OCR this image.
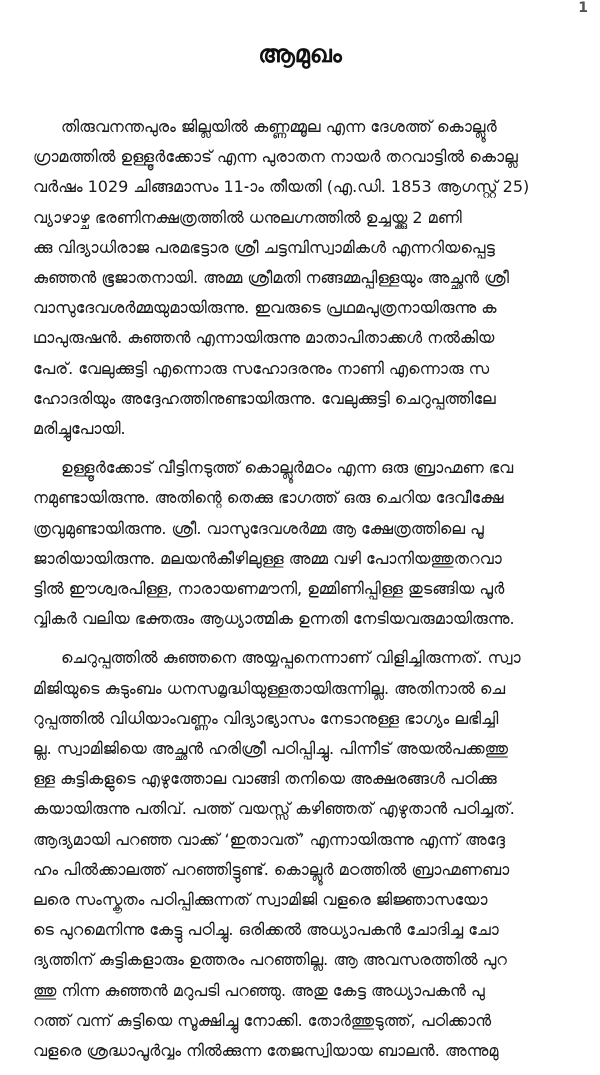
1
ആമുഖം

തിരുവനന്തപുരം ജില്ലയിൽ കണ്ണമ്മൂല എന്ന ദേശത്ത് കൊല്ലൂർ
ഗ്രാമത്തിൽ ഉള്ളൂർക്കോട് എന്ന പുരാതന നായർ തറവാട്ടിൽ കൊല്ല
വർഷം 1029 ചിങ്ങമാസം 11-ാം തീയതി (എ.ഡി. 1853 ആഗസ്റ്റ് 25)
വ്യാഴാഴ്ച ഭരണിനക്ഷത്രത്തിൽ ധനുലഗ്നത്തിൽ ഉച്ചയ്ക്കു 2 മണി
ക്കു വിദ്യാധിരാജ പരമഭട്ടാര ശ്രീ ചട്ടമ്പിസ്വാമികൾ എന്നറിയപ്പെട്ട
കുഞ്ഞൻ ഭൂജാതനായി. അമ്മ ശ്രീമതി നങ്ങമ്മപ്പിള്ളയും അച്ഛൻ ശ്രീ
വാസുദേവശർമ്മയുമായിരുന്നു. ഇവരുടെ പ്രഥമപുത്രനായിരുന്നു ക
ഥാപുരുഷൻ. കുഞ്ഞൻ എന്നായിരുന്നു മാതാപിതാക്കൾ നൽകിയ
പേര്. വേലുക്കുട്ടി എന്നൊരു സഹോദരനും നാണി എന്നൊരു സ
ഹോദരിയും അദ്ദേഹത്തിനുണ്ടായിരുന്നു. വേലുക്കുട്ടി ചെറുപ്പത്തിലേ
മരിച്ചുപോയി.

ഉള്ളൂർക്കോട് വീട്ടിനടുത്ത് കൊല്ലൂർമഠം എന്ന ഒരു ബ്രാഹ്മണ ഭവ
നമുണ്ടായിരുന്നു. അതിന്റെ തെക്കു ഭാഗത്ത് ഒരു ചെറിയ ദേവീക്ഷേ
ത്രവുമുണ്ടായിരുന്നു. ശ്രീ. വാസുദേവശർമ്മ ആ ക്ഷേത്രത്തിലെ പൂ
ജാരിയായിരുന്നു. മലയൻകീഴിലുള്ള അമ്മ വഴി പോനിയത്തുതറവാ
ട്ടിൽ ഈശ്വരപിള്ള, നാരായണമൗനി, ഉമ്മിണിപ്പിള്ള തുടങ്ങിയ പൂർ
വ്വികർ വലിയ ഭക്തരും ആധ്യാത്മിക ഉന്നതി നേടിയവരുമായിരുന്നു.

ചെറുപ്പത്തിൽ കുഞ്ഞനെ അയ്യപ്പനെന്നാണ് വിളിച്ചിരുന്നത്. സ്വാ
മിജിയുടെ കുടുംബം ധനസമൃദ്ധിയുള്ളതായിരുന്നില്ല. അതിനാൽ ചെ
റുപ്പത്തിൽ വിധിയാംവണ്ണം വിദ്യാഭ്യാസം നേടാനുള്ള ഭാഗ്യം ലഭിച്ചി
ല്ല. സ്വാമിജിയെ അച്ഛൻ ഹരിശ്രീ പഠിപ്പിച്ചു. പിന്നീട് അയൽപക്കത്തു
ള്ള കുട്ടികളുടെ എഴുത്തോല വാങ്ങി തനിയെ അക്ഷരങ്ങൾ പഠിക്കു
കയായിരുന്നു പതിവ്. പത്ത് വയസ്സ് കഴിഞ്ഞത് എഴുതാൻ പഠിച്ചത്.
ആദ്യമായി പറഞ്ഞ വാക്ക് ‘ഇതാവത്’ എന്നായിരുന്നു എന്ന് അദ്ദേ
ഹം പിൽക്കാലത്ത് പറഞ്ഞിട്ടുണ്ട്. കൊല്ലൂർ മഠത്തിൽ ബ്രാഹ്മണബാ
ലരെ സംസ്കൃതം പഠിപ്പിക്കുന്നത് സ്വാമിജി വളരെ ജിജ്ഞാസയോ
ടെ പുറമെനിന്നു കേട്ടു പഠിച്ചു. ഒരിക്കൽ അധ്യാപകൻ ചോദിച്ച ചോ
ദ്യത്തിന് കുട്ടികളാരും ഉത്തരം പറഞ്ഞില്ല. ആ അവസരത്തിൽ പുറ
ത്തു നിന്ന കുഞ്ഞൻ മറുപടി പറഞ്ഞു. അതു കേട്ട അധ്യാപകൻ പു
റത്ത് വന്ന് കുട്ടിയെ സൂക്ഷിച്ചു നോക്കി. തോർത്തുടുത്ത്, പഠിക്കാൻ
വളരെ ശ്രദ്ധാപൂർവ്വം നിൽക്കുന്ന തേജസ്വിയായ ബാലൻ. അന്നുമു
